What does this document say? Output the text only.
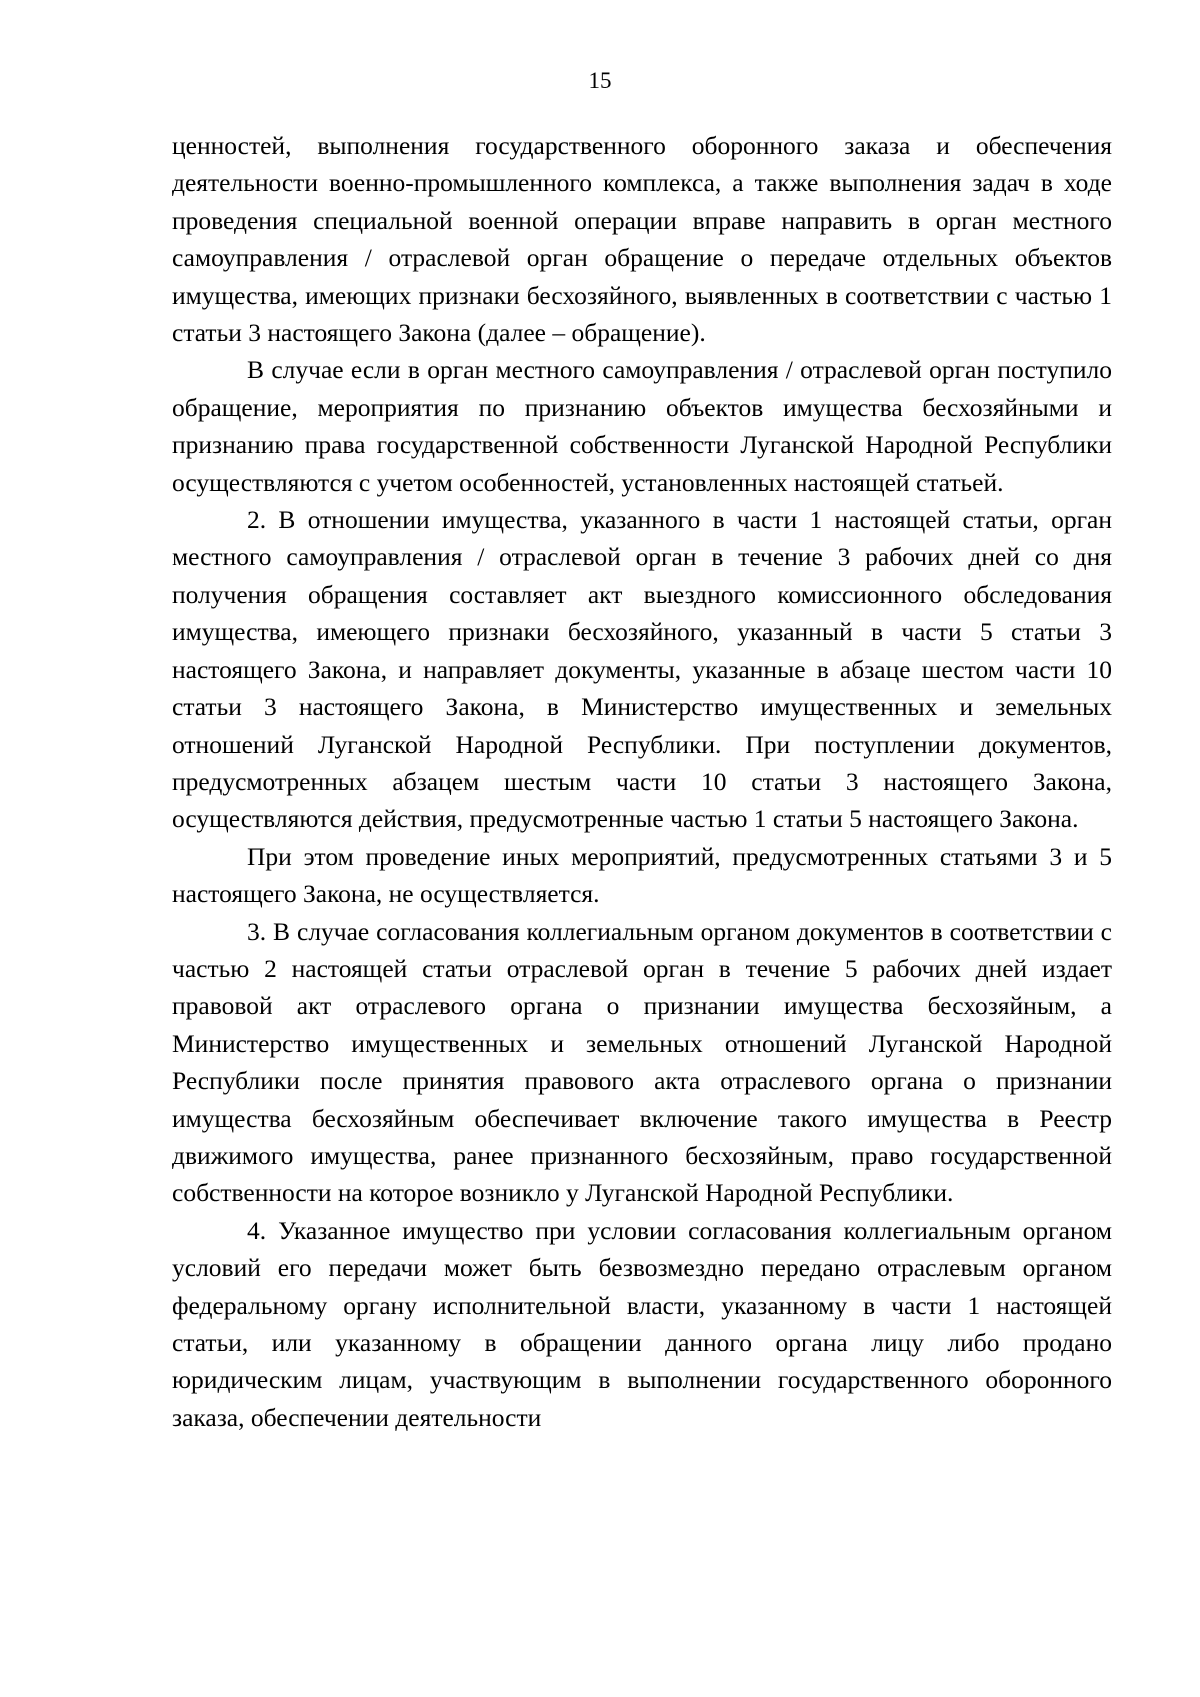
15

ценностей, выполнения государственного оборонного заказа и обеспечения деятельности военно-промышленного комплекса, а также выполнения задач в ходе проведения специальной военной операции вправе направить в орган местного самоуправления / отраслевой орган обращение о передаче отдельных объектов имущества, имеющих признаки бесхозяйного, выявленных в соответствии с частью 1 статьи 3 настоящего Закона (далее – обращение).

В случае если в орган местного самоуправления / отраслевой орган поступило обращение, мероприятия по признанию объектов имущества бесхозяйными и признанию права государственной собственности Луганской Народной Республики осуществляются с учетом особенностей, установленных настоящей статьей.

2. В отношении имущества, указанного в части 1 настоящей статьи, орган местного самоуправления / отраслевой орган в течение 3 рабочих дней со дня получения обращения составляет акт выездного комиссионного обследования имущества, имеющего признаки бесхозяйного, указанный в части 5 статьи 3 настоящего Закона, и направляет документы, указанные в абзаце шестом части 10 статьи 3 настоящего Закона, в Министерство имущественных и земельных отношений Луганской Народной Республики. При поступлении документов, предусмотренных абзацем шестым части 10 статьи 3 настоящего Закона, осуществляются действия, предусмотренные частью 1 статьи 5 настоящего Закона.

При этом проведение иных мероприятий, предусмотренных статьями 3 и 5 настоящего Закона, не осуществляется.

3. В случае согласования коллегиальным органом документов в соответствии с частью 2 настоящей статьи отраслевой орган в течение 5 рабочих дней издает правовой акт отраслевого органа о признании имущества бесхозяйным, а Министерство имущественных и земельных отношений Луганской Народной Республики после принятия правового акта отраслевого органа о признании имущества бесхозяйным обеспечивает включение такого имущества в Реестр движимого имущества, ранее признанного бесхозяйным, право государственной собственности на которое возникло у Луганской Народной Республики.

4. Указанное имущество при условии согласования коллегиальным органом условий его передачи может быть безвозмездно передано отраслевым органом федеральному органу исполнительной власти, указанному в части 1 настоящей статьи, или указанному в обращении данного органа лицу либо продано юридическим лицам, участвующим в выполнении государственного оборонного заказа, обеспечении деятельности
